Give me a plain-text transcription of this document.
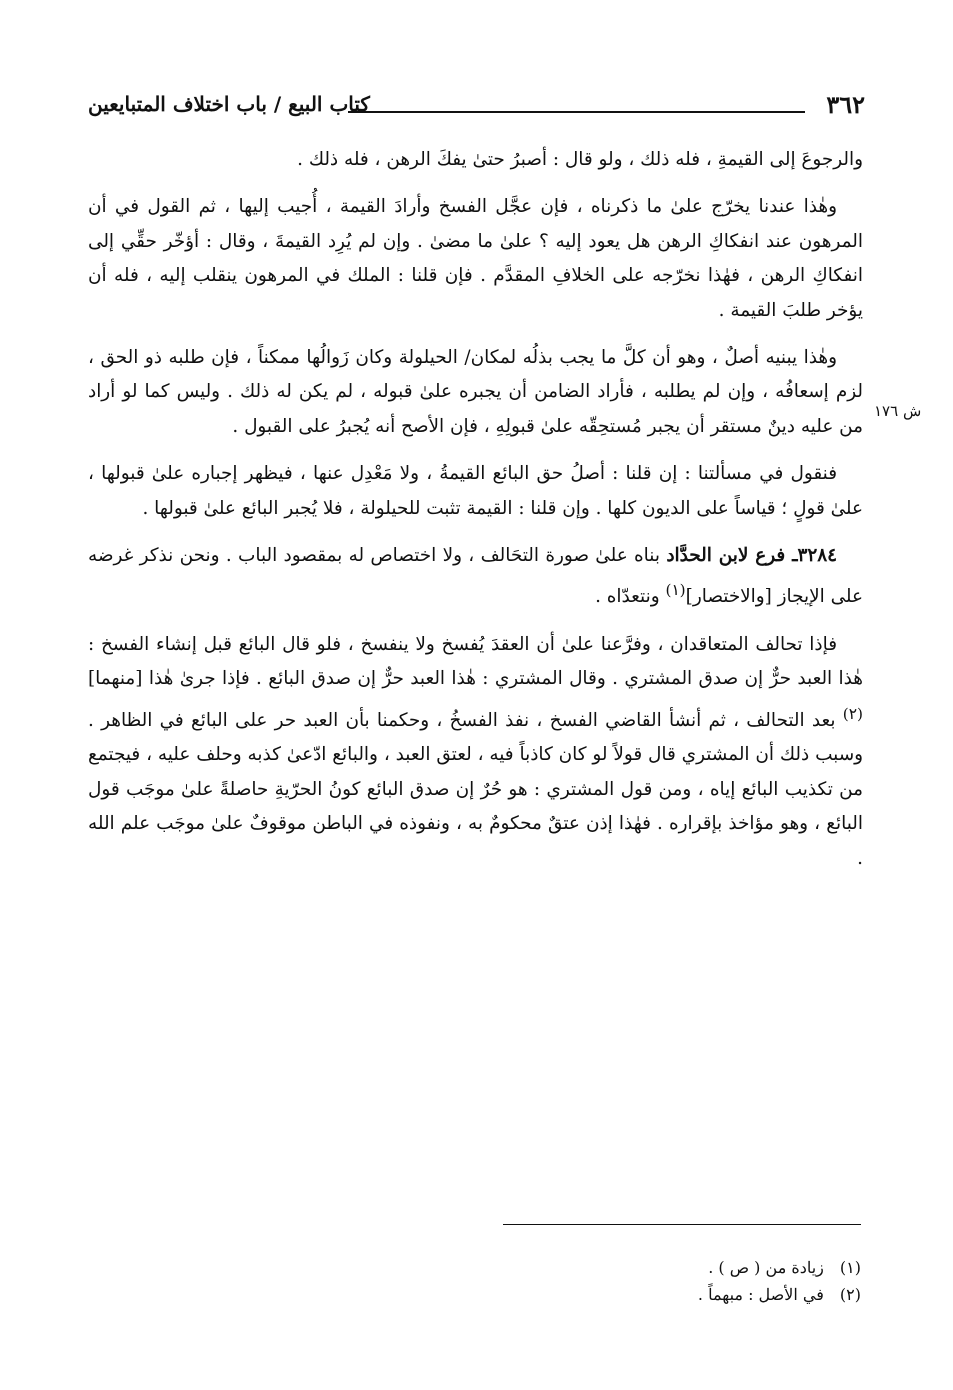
٣٦٢
كتاب البيع / باب اختلاف المتبايعين
ش ١٧٦

والرجوعَ إلى القيمةِ ، فله ذلك ، ولو قال : أصبرُ حتىٰ يفكَ الرهن ، فله ذلك .

وهٰذا عندنا يخرّج علىٰ ما ذكرناه ، فإن عجَّل الفسخ وأرادَ القيمة ، أُجيب إليها ، ثم القول في أن المرهون عند انفكاكِ الرهن هل يعود إليه ؟ علىٰ ما مضىٰ . وإن لم يُرِد القيمةَ ، وقال : أؤخّر حقِّي إلى انفكاكِ الرهن ، فهٰذا نخرّجه على الخلافِ المقدَّم . فإن قلنا : الملك في المرهون ينقلب إليه ، فله أن يؤخر طلبَ القيمة .

وهٰذا يبنيه أصلٌ ، وهو أن كلَّ ما يجب بذلُه لمكان/ الحيلولة وكان زَوالُها ممكناً ، فإن طلبه ذو الحق ، لزم إسعافُه ، وإن لم يطلبه ، فأراد الضامن أن يجبره علىٰ قبوله ، لم يكن له ذلك . وليس كما لو أراد من عليه دينٌ مستقر أن يجبر مُستحِقّه علىٰ قبولِهِ ، فإن الأصح أنه يُجبرُ على القبول .

فنقول في مسألتنا : إن قلنا : أصلُ حق البائع القيمةُ ، ولا مَعْدِل عنها ، فيظهر إجباره علىٰ قبولها ، علىٰ قولٍ ؛ قياساً على الديون كلها . وإن قلنا : القيمة تثبت للحيلولة ، فلا يُجبر البائع علىٰ قبولها .

٣٢٨٤ـ فرع لابن الحدَّاد بناه علىٰ صورة التحَالف ، ولا اختصاص له بمقصود الباب . ونحن نذكر غرضه على الإيجاز [والاختصار]$^{(١)}$ ونتعدّاه .

فإذا تحالف المتعاقدان ، وفرَّعنا علىٰ أن العقدَ يُفسخ ولا ينفسخ ، فلو قال البائع قبل إنشاء الفسخ : هٰذا العبد حرٌّ إن صدق المشتري . وقال المشتري : هٰذا العبد حرٌّ إن صدق البائع . فإذا جرىٰ هٰذا [منهما]$^{(٢)}$ بعد التحالف ، ثم أنشأ القاضي الفسخ ، نفذ الفسخُ ، وحكمنا بأن العبد حر على البائع في الظاهر . وسبب ذلك أن المشتري قال قولاً لو كان كاذباً فيه ، لعتق العبد ، والبائع ادّعىٰ كذبه وحلف عليه ، فيجتمع من تكذيب البائع إياه ، ومن قول المشتري : هو حُرٌ إن صدق البائع كونُ الحرّيةِ حاصلةً علىٰ موجَب قول البائع ، وهو مؤاخذ بإقراره . فهٰذا إذن عتقٌ محكومٌ به ، ونفوذه في الباطن موقوفٌ علىٰ موجَب علم الله .

(١) زيادة من ( ص ) .
(٢) في الأصل : مبهماً .
